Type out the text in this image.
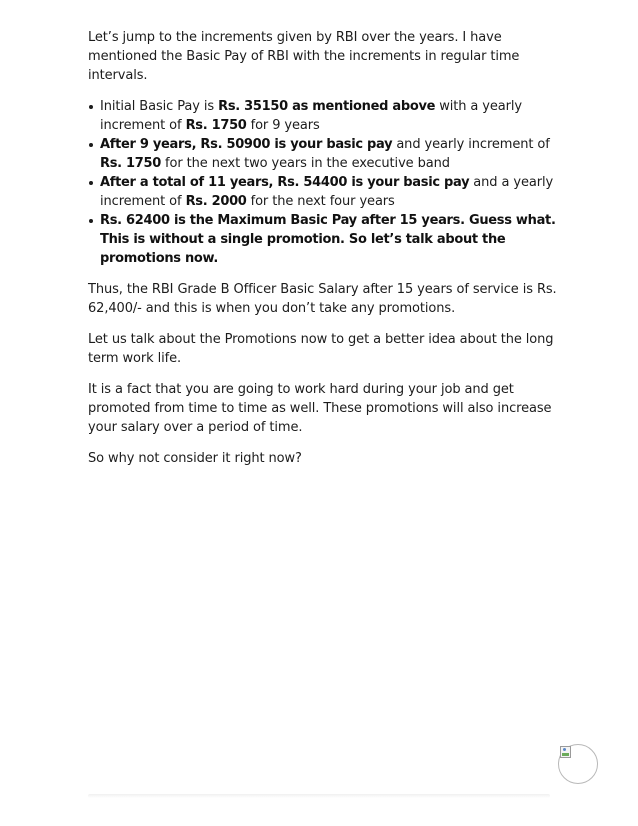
Let’s jump to the increments given by RBI over the years. I have mentioned the Basic Pay of RBI with the increments in regular time intervals.

Initial Basic Pay is Rs. 35150 as mentioned above with a yearly increment of Rs. 1750 for 9 years
After 9 years, Rs. 50900 is your basic pay and yearly increment of Rs. 1750 for the next two years in the executive band
After a total of 11 years, Rs. 54400 is your basic pay and a yearly increment of Rs. 2000 for the next four years
Rs. 62400 is the Maximum Basic Pay after 15 years. Guess what. This is without a single promotion. So let’s talk about the promotions now.

Thus, the RBI Grade B Officer Basic Salary after 15 years of service is Rs. 62,400/- and this is when you don’t take any promotions.

Let us talk about the Promotions now to get a better idea about the long term work life.

It is a fact that you are going to work hard during your job and get promoted from time to time as well. These promotions will also increase your salary over a period of time.

So why not consider it right now?
